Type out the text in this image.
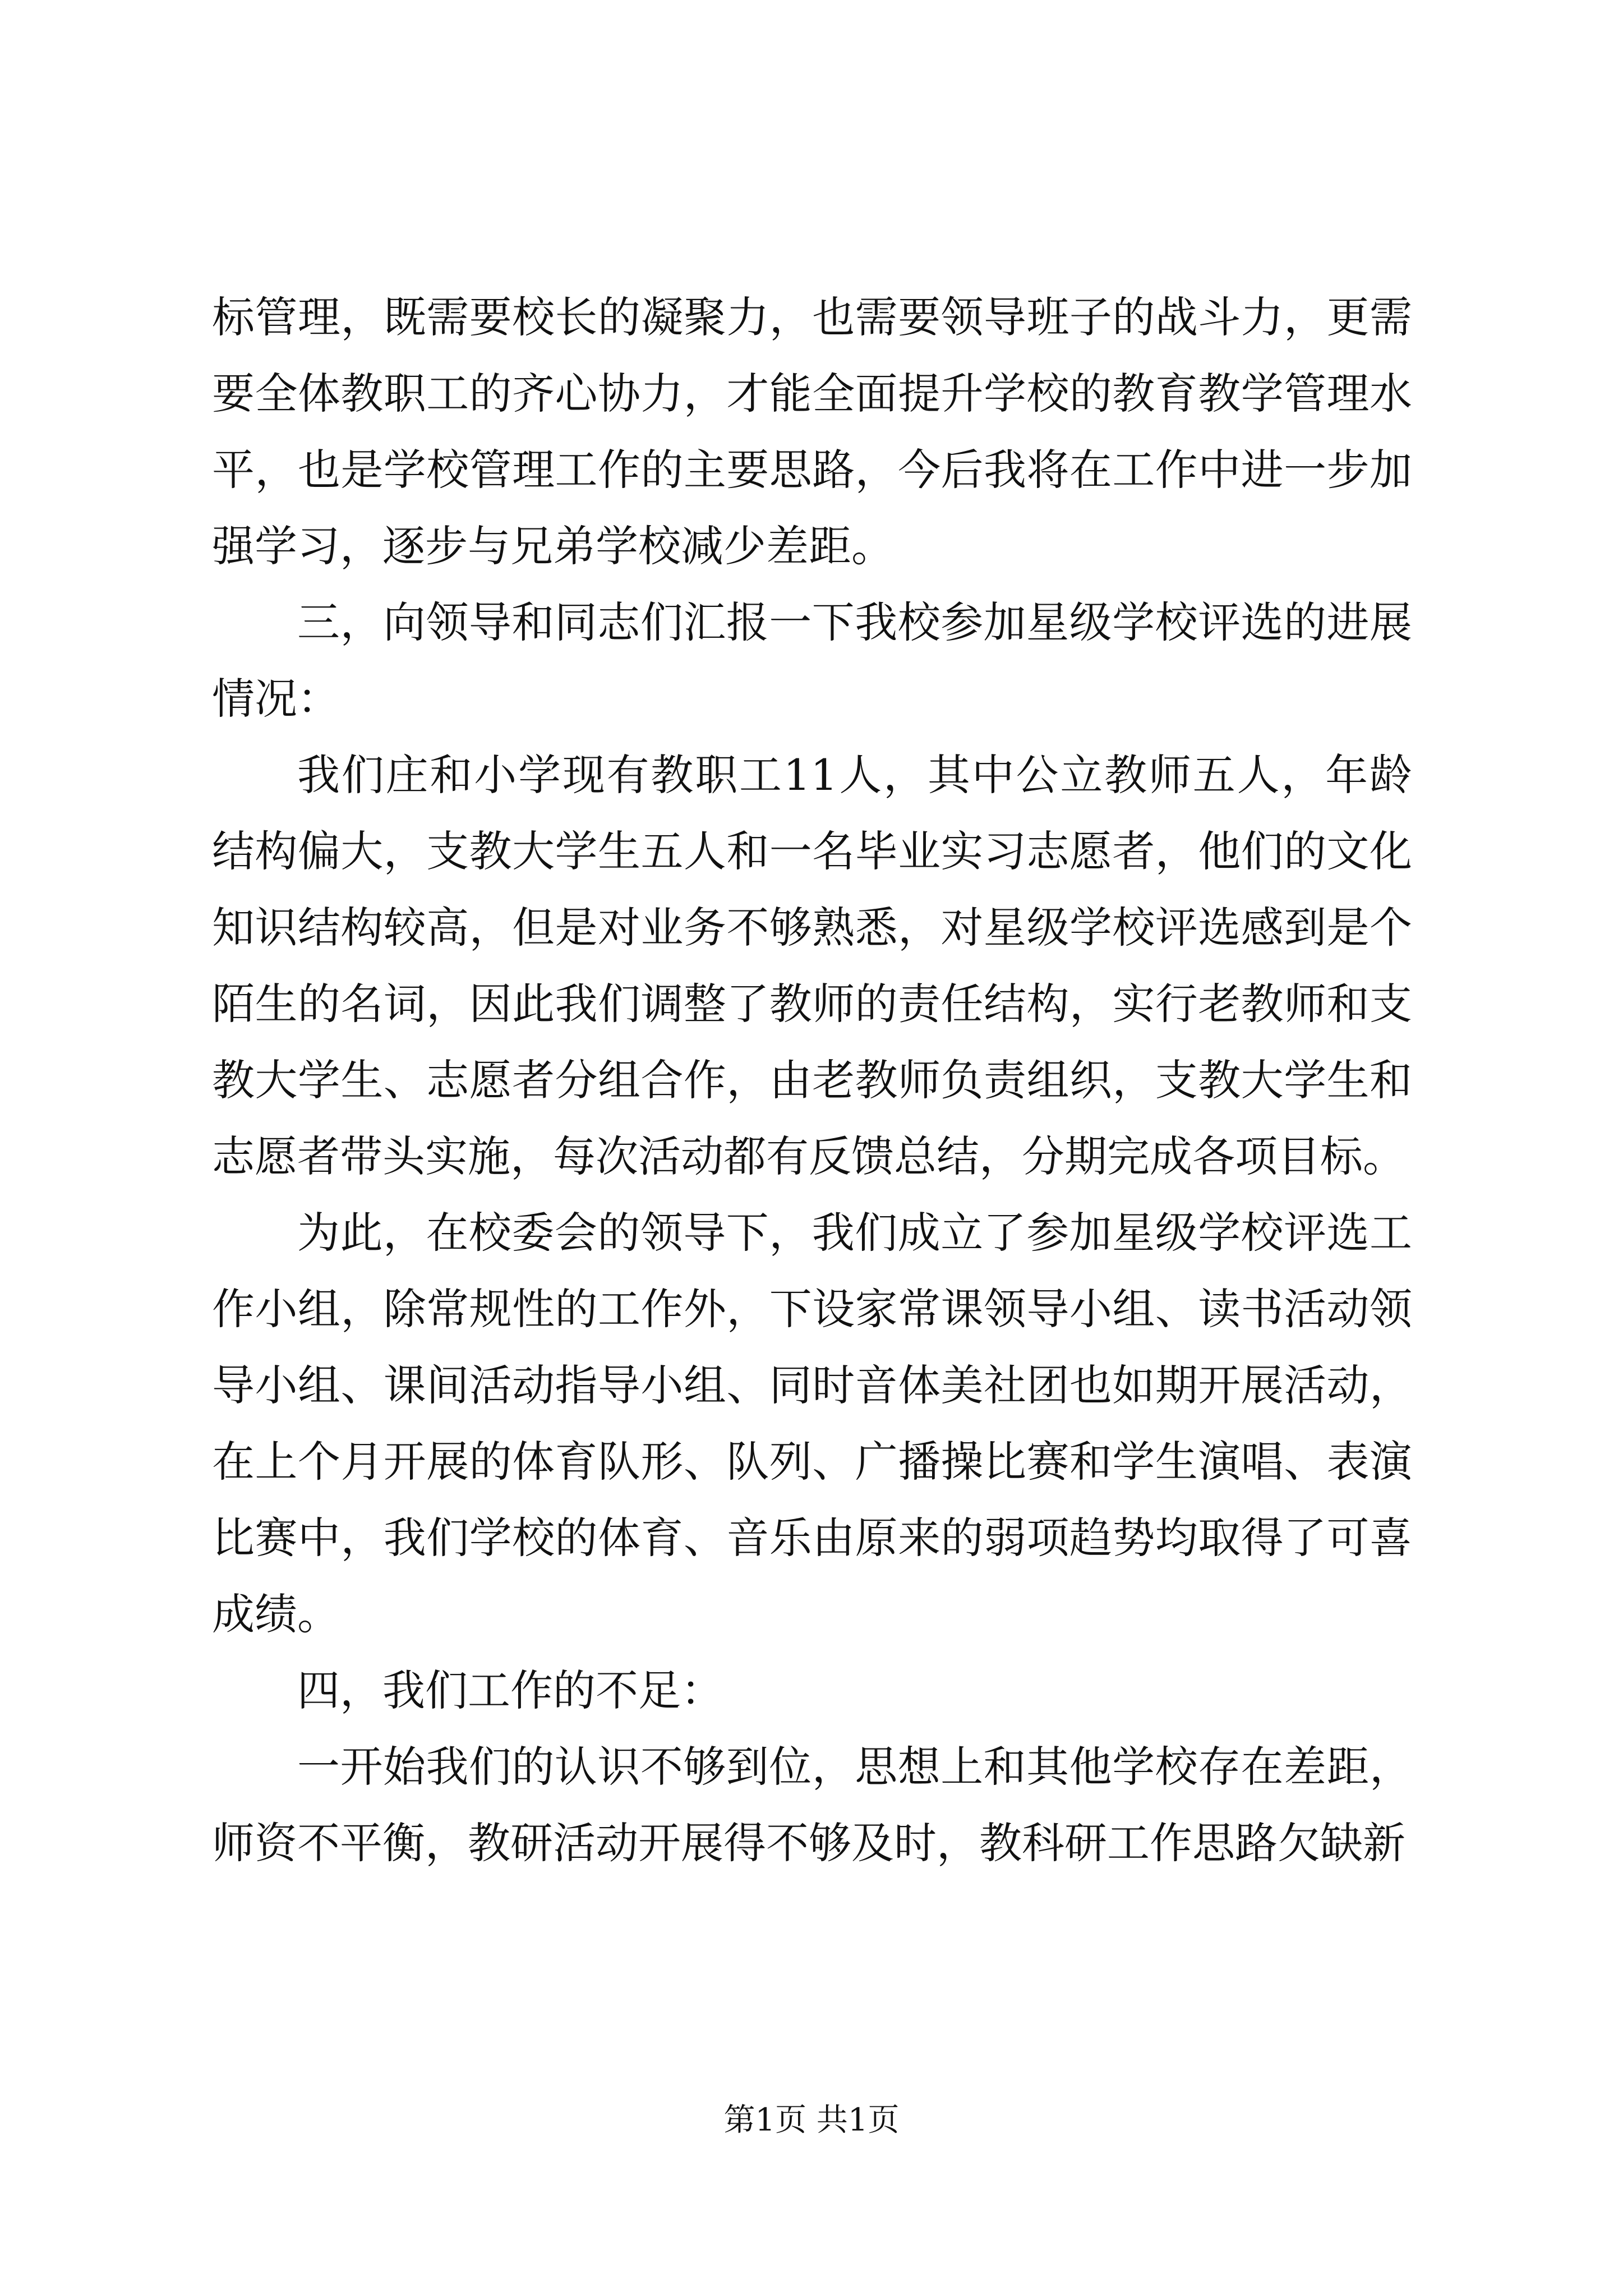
标管理，既需要校长的凝聚力，也需要领导班子的战斗力，更需要全体教职工的齐心协力，才能全面提升学校的教育教学管理水平，也是学校管理工作的主要思路，今后我将在工作中进一步加强学习，逐步与兄弟学校减少差距。

三，向领导和同志们汇报一下我校参加星级学校评选的进展情况：

我们庄和小学现有教职工11人，其中公立教师五人，年龄结构偏大，支教大学生五人和一名毕业实习志愿者，他们的文化知识结构较高，但是对业务不够熟悉，对星级学校评选感到是个陌生的名词，因此我们调整了教师的责任结构，实行老教师和支教大学生、志愿者分组合作，由老教师负责组织，支教大学生和志愿者带头实施，每次活动都有反馈总结，分期完成各项目标。

为此，在校委会的领导下，我们成立了参加星级学校评选工作小组，除常规性的工作外，下设家常课领导小组、读书活动领导小组、课间活动指导小组、同时音体美社团也如期开展活动，在上个月开展的体育队形、队列、广播操比赛和学生演唱、表演比赛中，我们学校的体育、音乐由原来的弱项趋势均取得了可喜成绩。

四，我们工作的不足：

一开始我们的认识不够到位，思想上和其他学校存在差距，师资不平衡，教研活动开展得不够及时，教科研工作思路欠缺新

第1页 共1页
